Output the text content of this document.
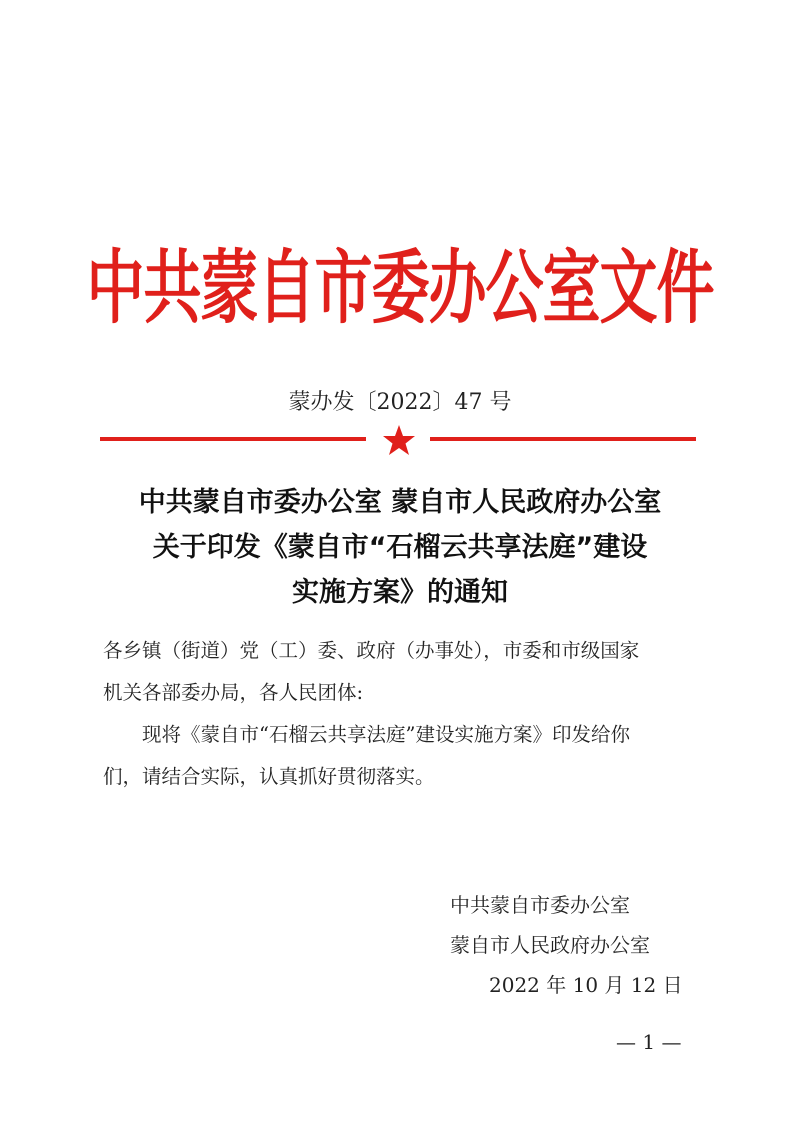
中共蒙自市委办公室文件
蒙办发〔2022〕47 号
中共蒙自市委办公室 蒙自市人民政府办公室
关于印发《蒙自市“石榴云共享法庭”建设
实施方案》的通知
各乡镇（街道）党（工）委、政府（办事处），市委和市级国家
机关各部委办局，各人民团体:
现将《蒙自市“石榴云共享法庭”建设实施方案》印发给你
们，请结合实际，认真抓好贯彻落实。
中共蒙自市委办公室
蒙自市人民政府办公室
2022 年 10 月 12 日
— 1 —
